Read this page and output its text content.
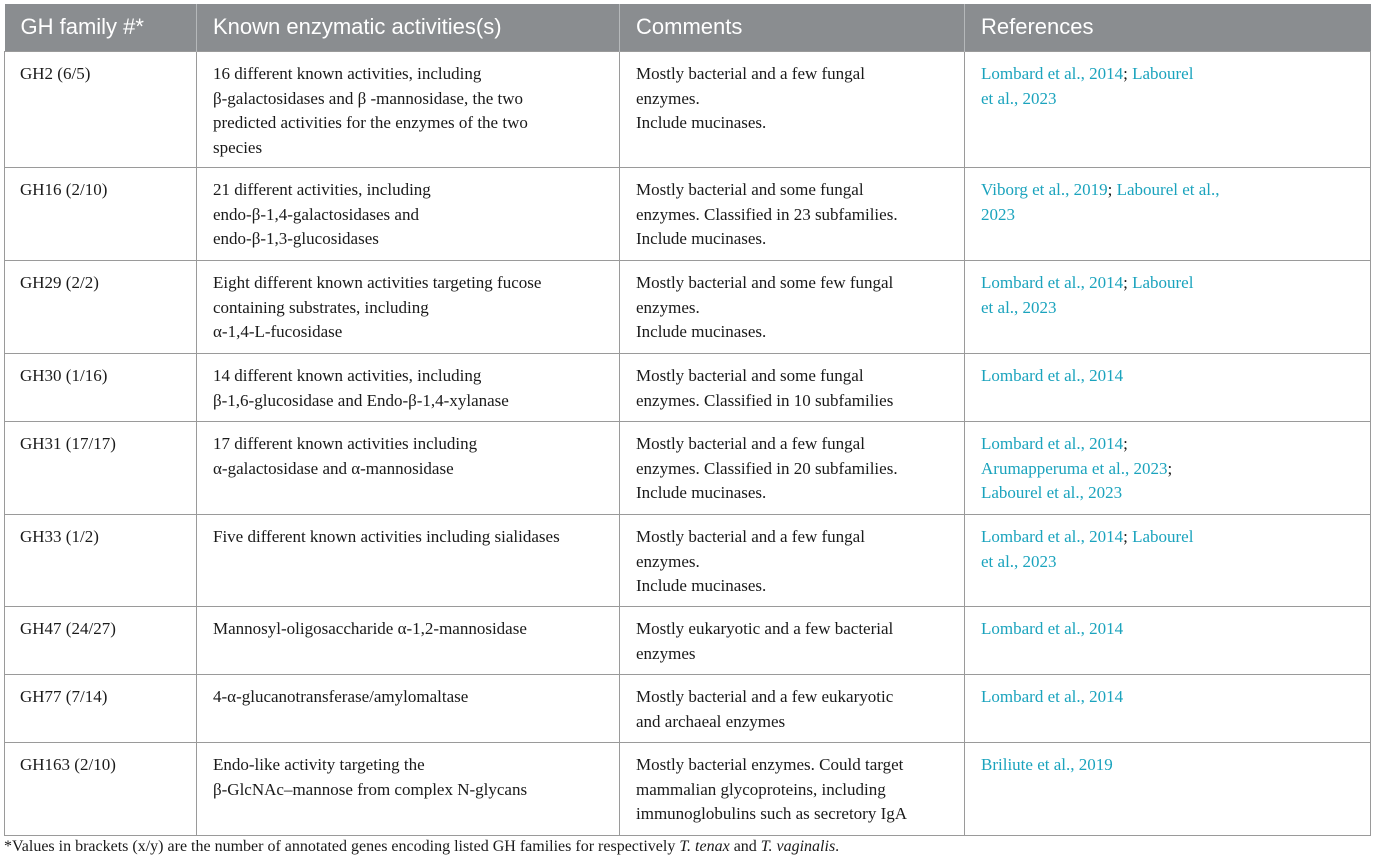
GH family #*	Known enzymatic activities(s)	Comments	References
GH2 (6/5)	16 different known activities, including
β-galactosidases and β -mannosidase, the two
predicted activities for the enzymes of the two
species	Mostly bacterial and a few fungal
enzymes.
Include mucinases.	Lombard et al., 2014; Labourel
et al., 2023

GH16 (2/10)	21 different activities, including
endo-β-1,4-galactosidases and
endo-β-1,3-glucosidases	Mostly bacterial and some fungal
enzymes. Classified in 23 subfamilies.
Include mucinases.	Viborg et al., 2019; Labourel et al.,
2023

GH29 (2/2)	Eight different known activities targeting fucose
containing substrates, including
α-1,4-L-fucosidase	Mostly bacterial and some few fungal
enzymes.
Include mucinases.	Lombard et al., 2014; Labourel
et al., 2023

GH30 (1/16)	14 different known activities, including
β-1,6-glucosidase and Endo-β-1,4-xylanase	Mostly bacterial and some fungal
enzymes. Classified in 10 subfamilies	Lombard et al., 2014

GH31 (17/17)	17 different known activities including
α-galactosidase and α-mannosidase	Mostly bacterial and a few fungal
enzymes. Classified in 20 subfamilies.
Include mucinases.	Lombard et al., 2014;
Arumapperuma et al., 2023;
Labourel et al., 2023

GH33 (1/2)	Five different known activities including sialidases	Mostly bacterial and a few fungal
enzymes.
Include mucinases.	Lombard et al., 2014; Labourel
et al., 2023

GH47 (24/27)	Mannosyl-oligosaccharide α-1,2-mannosidase	Mostly eukaryotic and a few bacterial
enzymes	Lombard et al., 2014

GH77 (7/14)	4-α-glucanotransferase/amylomaltase	Mostly bacterial and a few eukaryotic
and archaeal enzymes	Lombard et al., 2014

GH163 (2/10)	Endo-like activity targeting the
β-GlcNAc–mannose from complex N-glycans	Mostly bacterial enzymes. Could target
mammalian glycoproteins, including
immunoglobulins such as secretory IgA	Briliute et al., 2019
*Values in brackets (x/y) are the number of annotated genes encoding listed GH families for respectively T. tenax and T. vaginalis.
